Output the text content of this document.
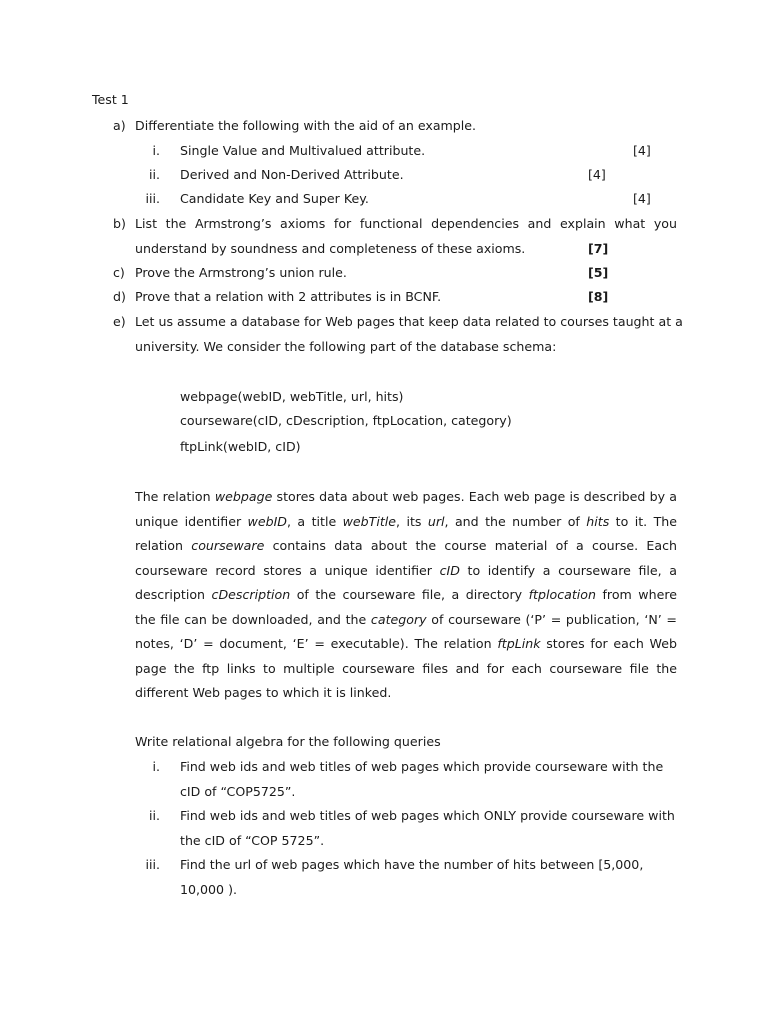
Test 1
a) Differentiate the following with the aid of an example.
i. Single Value and Multivalued attribute.	[4]
ii. Derived and Non-Derived Attribute.	[4]
iii. Candidate Key and Super Key.	[4]
b) List the Armstrong’s axioms for functional dependencies and explain what you
understand by soundness and completeness of these axioms.	[7]
c) Prove the Armstrong’s union rule.	[5]
d) Prove that a relation with 2 attributes is in BCNF.	[8]
e) Let us assume a database for Web pages that keep data related to courses taught at a
university. We consider the following part of the database schema:
webpage(webID, webTitle, url, hits)
courseware(cID, cDescription, ftpLocation, category)
ftpLink(webID, cID)
The relation webpage stores data about web pages. Each web page is described by a
unique identifier webID, a title webTitle, its url, and the number of hits to it. The
relation courseware contains data about the course material of a course. Each
courseware record stores a unique identifier cID to identify a courseware file, a
description cDescription of the courseware file, a directory ftplocation from where
the file can be downloaded, and the category of courseware (‘P’ = publication, ‘N’ =
notes, ‘D’ = document, ‘E’ = executable). The relation ftpLink stores for each Web
page the ftp links to multiple courseware files and for each courseware file the
different Web pages to which it is linked.
Write relational algebra for the following queries
i. Find web ids and web titles of web pages which provide courseware with the
cID of “COP5725”.
ii. Find web ids and web titles of web pages which ONLY provide courseware with
the cID of “COP 5725”.
iii. Find the url of web pages which have the number of hits between [5,000,
10,000 ).
